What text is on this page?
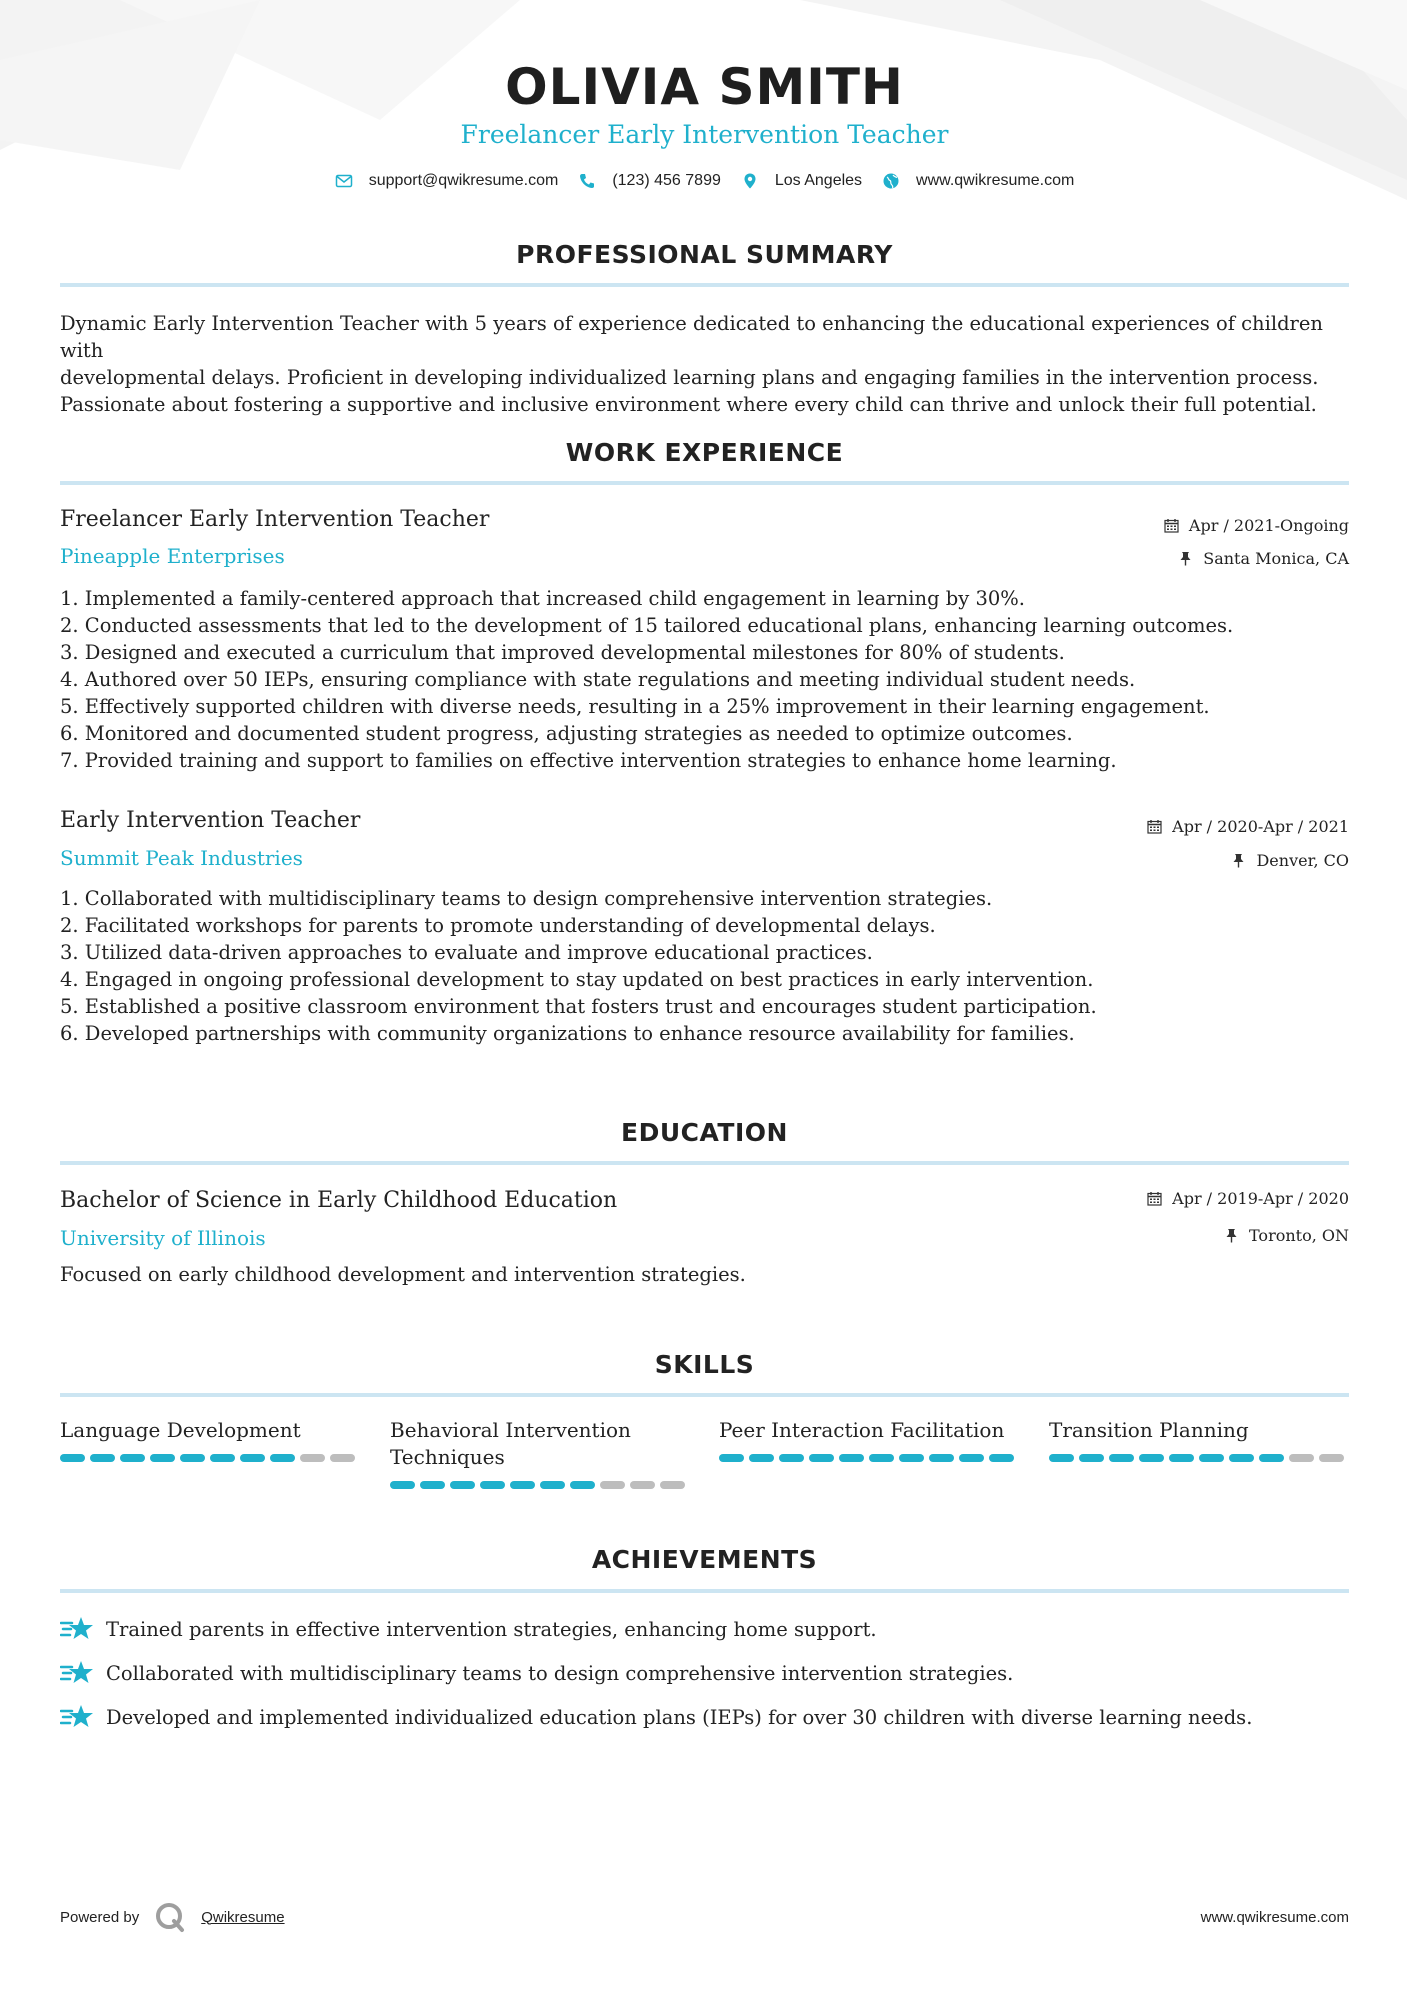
OLIVIA SMITH
Freelancer Early Intervention Teacher
support@qwikresume.com	(123) 456 7899	Los Angeles	www.qwikresume.com
PROFESSIONAL SUMMARY
Dynamic Early Intervention Teacher with 5 years of experience dedicated to enhancing the educational experiences of children with
developmental delays. Proficient in developing individualized learning plans and engaging families in the intervention process.
Passionate about fostering a supportive and inclusive environment where every child can thrive and unlock their full potential.
WORK EXPERIENCE
Freelancer Early Intervention Teacher
Pineapple Enterprises
Apr / 2021-Ongoing
Santa Monica, CA
1. Implemented a family-centered approach that increased child engagement in learning by 30%.
2. Conducted assessments that led to the development of 15 tailored educational plans, enhancing learning outcomes.
3. Designed and executed a curriculum that improved developmental milestones for 80% of students.
4. Authored over 50 IEPs, ensuring compliance with state regulations and meeting individual student needs.
5. Effectively supported children with diverse needs, resulting in a 25% improvement in their learning engagement.
6. Monitored and documented student progress, adjusting strategies as needed to optimize outcomes.
7. Provided training and support to families on effective intervention strategies to enhance home learning.
Early Intervention Teacher
Summit Peak Industries
Apr / 2020-Apr / 2021
Denver, CO
1. Collaborated with multidisciplinary teams to design comprehensive intervention strategies.
2. Facilitated workshops for parents to promote understanding of developmental delays.
3. Utilized data-driven approaches to evaluate and improve educational practices.
4. Engaged in ongoing professional development to stay updated on best practices in early intervention.
5. Established a positive classroom environment that fosters trust and encourages student participation.
6. Developed partnerships with community organizations to enhance resource availability for families.
EDUCATION
Bachelor of Science in Early Childhood Education
University of Illinois
Apr / 2019-Apr / 2020
Toronto, ON
Focused on early childhood development and intervention strategies.
SKILLS
Language Development	Behavioral Intervention
Techniques
Peer Interaction Facilitation	Transition Planning
ACHIEVEMENTS
Trained parents in effective intervention strategies, enhancing home support.
Collaborated with multidisciplinary teams to design comprehensive intervention strategies.
Developed and implemented individualized education plans (IEPs) for over 30 children with diverse learning needs.
Powered by	Qwikresume	www.qwikresume.com
